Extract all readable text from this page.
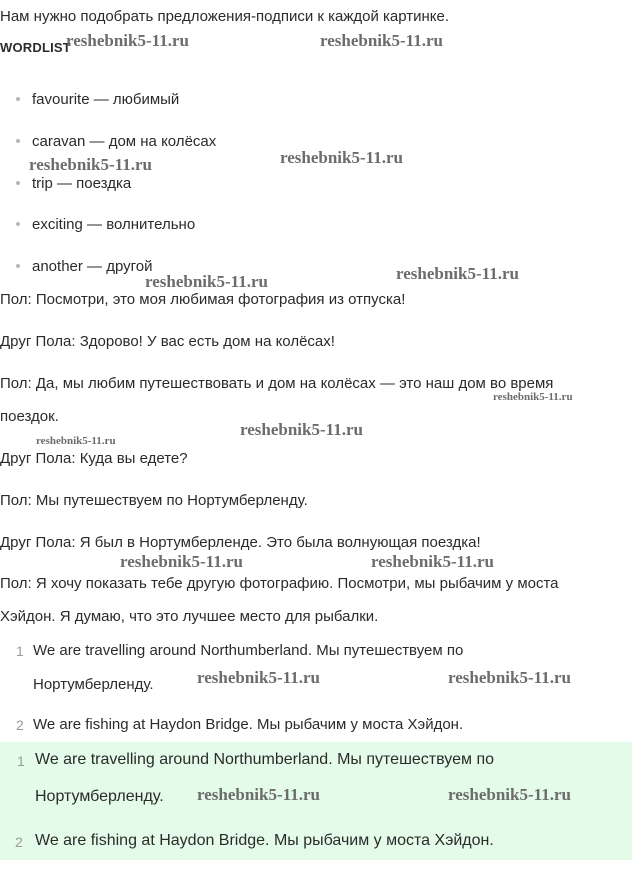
Нам нужно подобрать предложения-подписи к каждой картинке.
WORDLIST
favourite — любимый
caravan — дом на колёсах
trip — поездка
exciting — волнительно
another — другой
Пол: Посмотри, это моя любимая фотография из отпуска!
Друг Пола: Здорово! У вас есть дом на колёсах!
Пол: Да, мы любим путешествовать и дом на колёсах — это наш дом во время
поездок.
Друг Пола: Куда вы едете?
Пол: Мы путешествуем по Нортумберленду.
Друг Пола: Я был в Нортумберленде. Это была волнующая поездка!
Пол: Я хочу показать тебе другую фотографию. Посмотри, мы рыбачим у моста
Хэйдон. Я думаю, что это лучшее место для рыбалки.
1 We are travelling around Northumberland. Мы путешествуем по
Нортумберленду.
2 We are fishing at Haydon Bridge. Мы рыбачим у моста Хэйдон.
1 We are travelling around Northumberland. Мы путешествуем по
Нортумберленду.
2 We are fishing at Haydon Bridge. Мы рыбачим у моста Хэйдон.
reshebnik5-11.ru	reshebnik5-11.ru
reshebnik5-11.ru	reshebnik5-11.ru
reshebnik5-11.ru	reshebnik5-11.ru
reshebnik5-11.ru
reshebnik5-11.ru
reshebnik5-11.ru
reshebnik5-11.ru	reshebnik5-11.ru
reshebnik5-11.ru	reshebnik5-11.ru
reshebnik5-11.ru	reshebnik5-11.ru
